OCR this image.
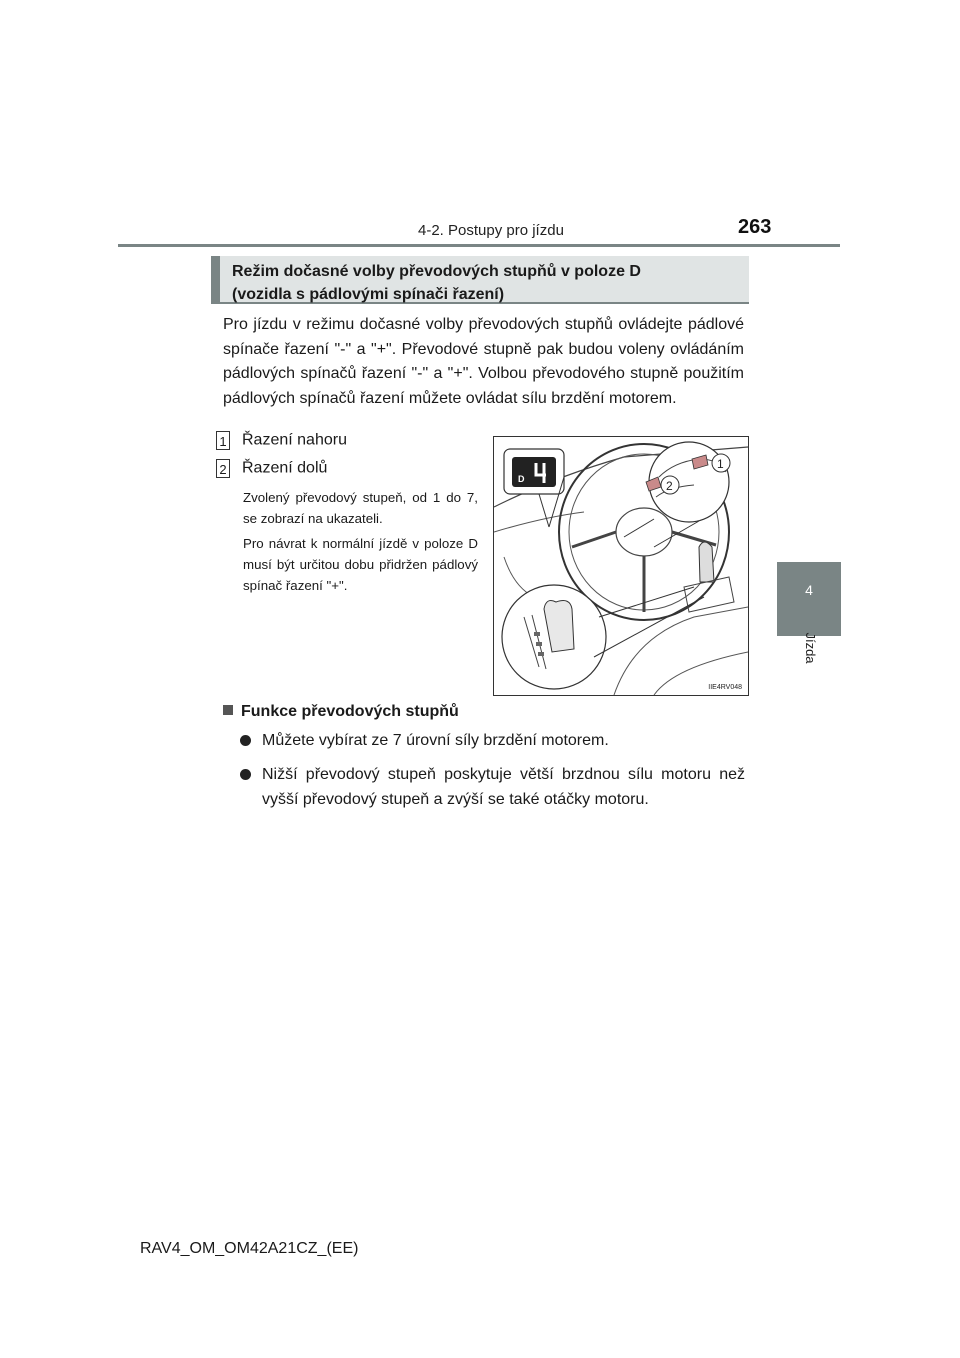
4-2. Postupy pro jízdu	263
4
Jízda
Režim dočasné volby převodových stupňů v poloze D
(vozidla s pádlovými spínači řazení)
Pro jízdu v režimu dočasné volby převodových stupňů ovládejte pádlové spínače řazení "-" a "+". Převodové stupně pak budou voleny ovládáním pádlových spínačů řazení "-" a "+". Volbou převodového stupně použitím pádlových spínačů řazení můžete ovládat sílu brzdění motorem.
1 Řazení nahoru
2 Řazení dolů
Zvolený převodový stupeň, od 1 do 7, se zobrazí na ukazateli.
Pro návrat k normální jízdě v poloze D musí být určitou dobu přidržen pádlový spínač řazení "+".
D
1
2
IIE4RV048
Funkce převodových stupňů
Můžete vybírat ze 7 úrovní síly brzdění motorem.
Nižší převodový stupeň poskytuje větší brzdnou sílu motoru než vyšší převodový stupeň a zvýší se také otáčky motoru.
RAV4_OM_OM42A21CZ_(EE)
